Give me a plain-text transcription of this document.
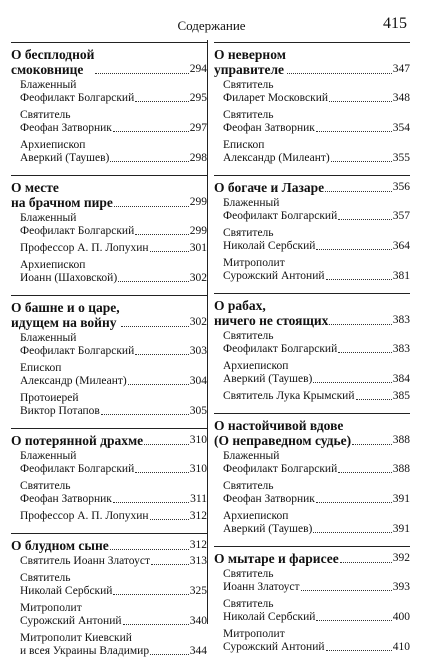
Содержание	415
О бесплодной
смоковнице	294
Блаженный
Феофилакт Болгарский	295
Святитель
Феофан Затворник	297
Архиепископ
Аверкий (Таушев)	298
О месте
на брачном пире	299
Блаженный
Феофилакт Болгарский	299
Профессор А. П. Лопухин	301
Архиепископ
Иоанн (Шаховской)	302
О башне и о царе,
идущем на войну	302
Блаженный
Феофилакт Болгарский	303
Епископ
Александр (Милеант)	304
Протоиерей
Виктор Потапов	305
О потерянной драхме	310
Блаженный
Феофилакт Болгарский	310
Святитель
Феофан Затворник	311
Профессор А. П. Лопухин	312
О блудном сыне	312
Святитель Иоанн Златоуст	313
Святитель
Николай Сербский	325
Митрополит
Сурожский Антоний	340
Митрополит Киевский
и всея Украины Владимир	344
О неверном
управителе	347
Святитель
Филарет Московский	348
Святитель
Феофан Затворник	354
Епископ
Александр (Милеант)	355
О богаче и Лазаре	356
Блаженный
Феофилакт Болгарский	357
Святитель
Николай Сербский	364
Митрополит
Сурожский Антоний	381
О рабах,
ничего не стоящих	383
Святитель
Феофилакт Болгарский	383
Архиепископ
Аверкий (Таушев)	384
Святитель Лука Крымский	385
О настойчивой вдове
(О неправедном судье)	388
Блаженный
Феофилакт Болгарский	388
Святитель
Феофан Затворник	391
Архиепископ
Аверкий (Таушев)	391
О мытаре и фарисее	392
Святитель
Иоанн Златоуст	393
Святитель
Николай Сербский	400
Митрополит
Сурожский Антоний	410
